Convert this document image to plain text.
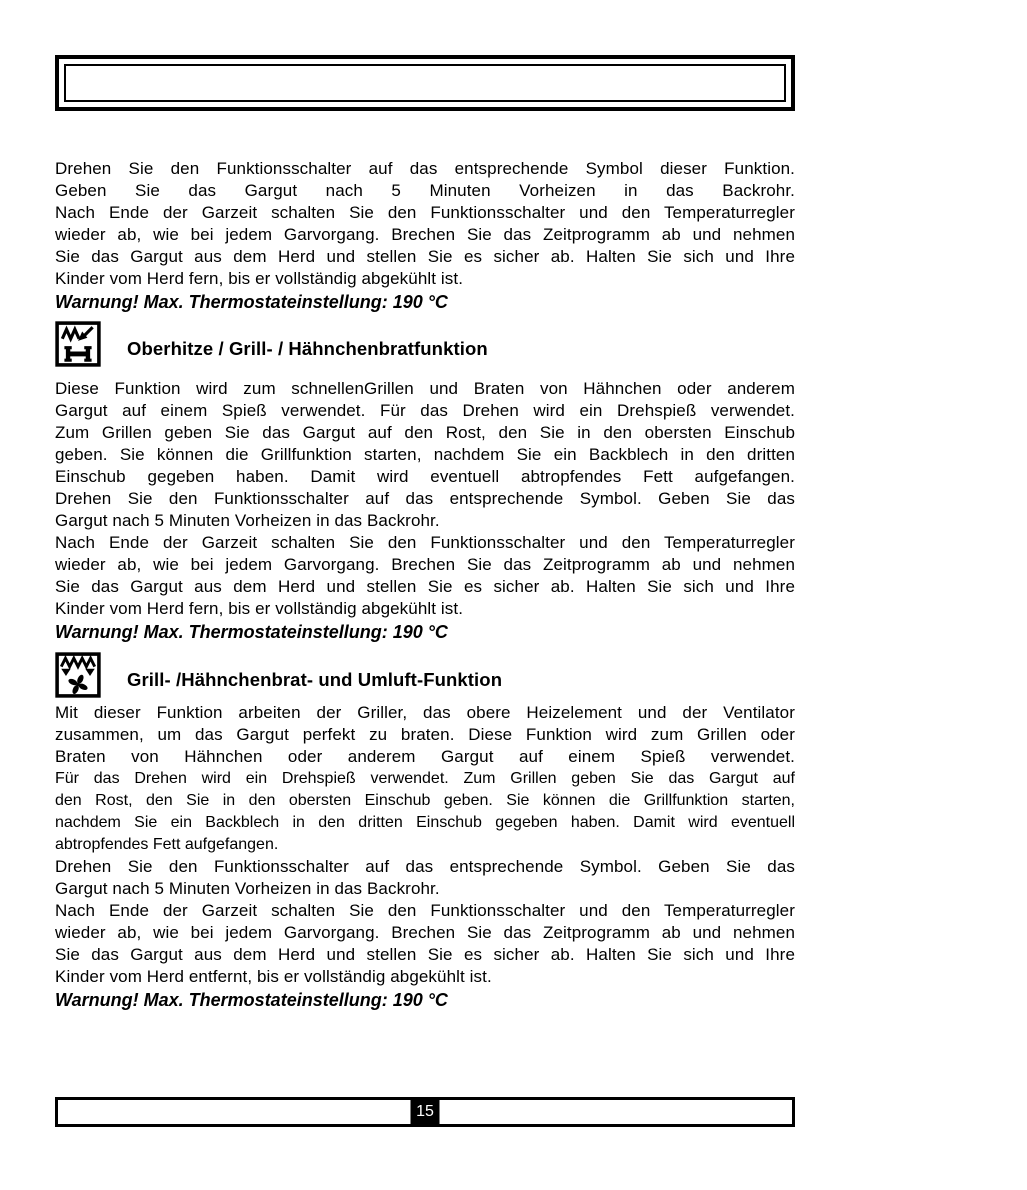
Drehen Sie den Funktionsschalter auf das entsprechende Symbol dieser Funktion.
Geben Sie das Gargut nach 5 Minuten Vorheizen in das Backrohr.
Nach Ende der Garzeit schalten Sie den Funktionsschalter und den Temperaturregler
wieder ab, wie bei jedem Garvorgang. Brechen Sie das Zeitprogramm ab und nehmen
Sie das Gargut aus dem Herd und stellen Sie es sicher ab. Halten Sie sich und Ihre
Kinder vom Herd fern, bis er vollständig abgekühlt ist.
Warnung! Max. Thermostateinstellung: 190 °C
Oberhitze / Grill- / Hähnchenbratfunktion
Diese Funktion wird zum schnellenGrillen und Braten von Hähnchen oder anderem
Gargut auf einem Spieß verwendet. Für das Drehen wird ein Drehspieß verwendet.
Zum Grillen geben Sie das Gargut auf den Rost, den Sie in den obersten Einschub
geben. Sie können die Grillfunktion starten, nachdem Sie ein Backblech in den dritten
Einschub gegeben haben. Damit wird eventuell abtropfendes Fett aufgefangen.
Drehen Sie den Funktionsschalter auf das entsprechende Symbol. Geben Sie das
Gargut nach 5 Minuten Vorheizen in das Backrohr.
Nach Ende der Garzeit schalten Sie den Funktionsschalter und den Temperaturregler
wieder ab, wie bei jedem Garvorgang. Brechen Sie das Zeitprogramm ab und nehmen
Sie das Gargut aus dem Herd und stellen Sie es sicher ab. Halten Sie sich und Ihre
Kinder vom Herd fern, bis er vollständig abgekühlt ist.
Warnung! Max. Thermostateinstellung: 190 °C
Grill- /Hähnchenbrat- und Umluft-Funktion
Mit dieser Funktion arbeiten der Griller, das obere Heizelement und der Ventilator
zusammen, um das Gargut perfekt zu braten. Diese Funktion wird zum Grillen oder
Braten von Hähnchen oder anderem Gargut auf einem Spieß verwendet.
Für das Drehen wird ein Drehspieß verwendet. Zum Grillen geben Sie das Gargut auf
den Rost, den Sie in den obersten Einschub geben. Sie können die Grillfunktion starten,
nachdem Sie ein Backblech in den dritten Einschub gegeben haben. Damit wird eventuell
abtropfendes Fett aufgefangen.
Drehen Sie den Funktionsschalter auf das entsprechende Symbol. Geben Sie das
Gargut nach 5 Minuten Vorheizen in das Backrohr.
Nach Ende der Garzeit schalten Sie den Funktionsschalter und den Temperaturregler
wieder ab, wie bei jedem Garvorgang. Brechen Sie das Zeitprogramm ab und nehmen
Sie das Gargut aus dem Herd und stellen Sie es sicher ab. Halten Sie sich und Ihre
Kinder vom Herd entfernt, bis er vollständig abgekühlt ist.
Warnung! Max. Thermostateinstellung: 190 °C
15
